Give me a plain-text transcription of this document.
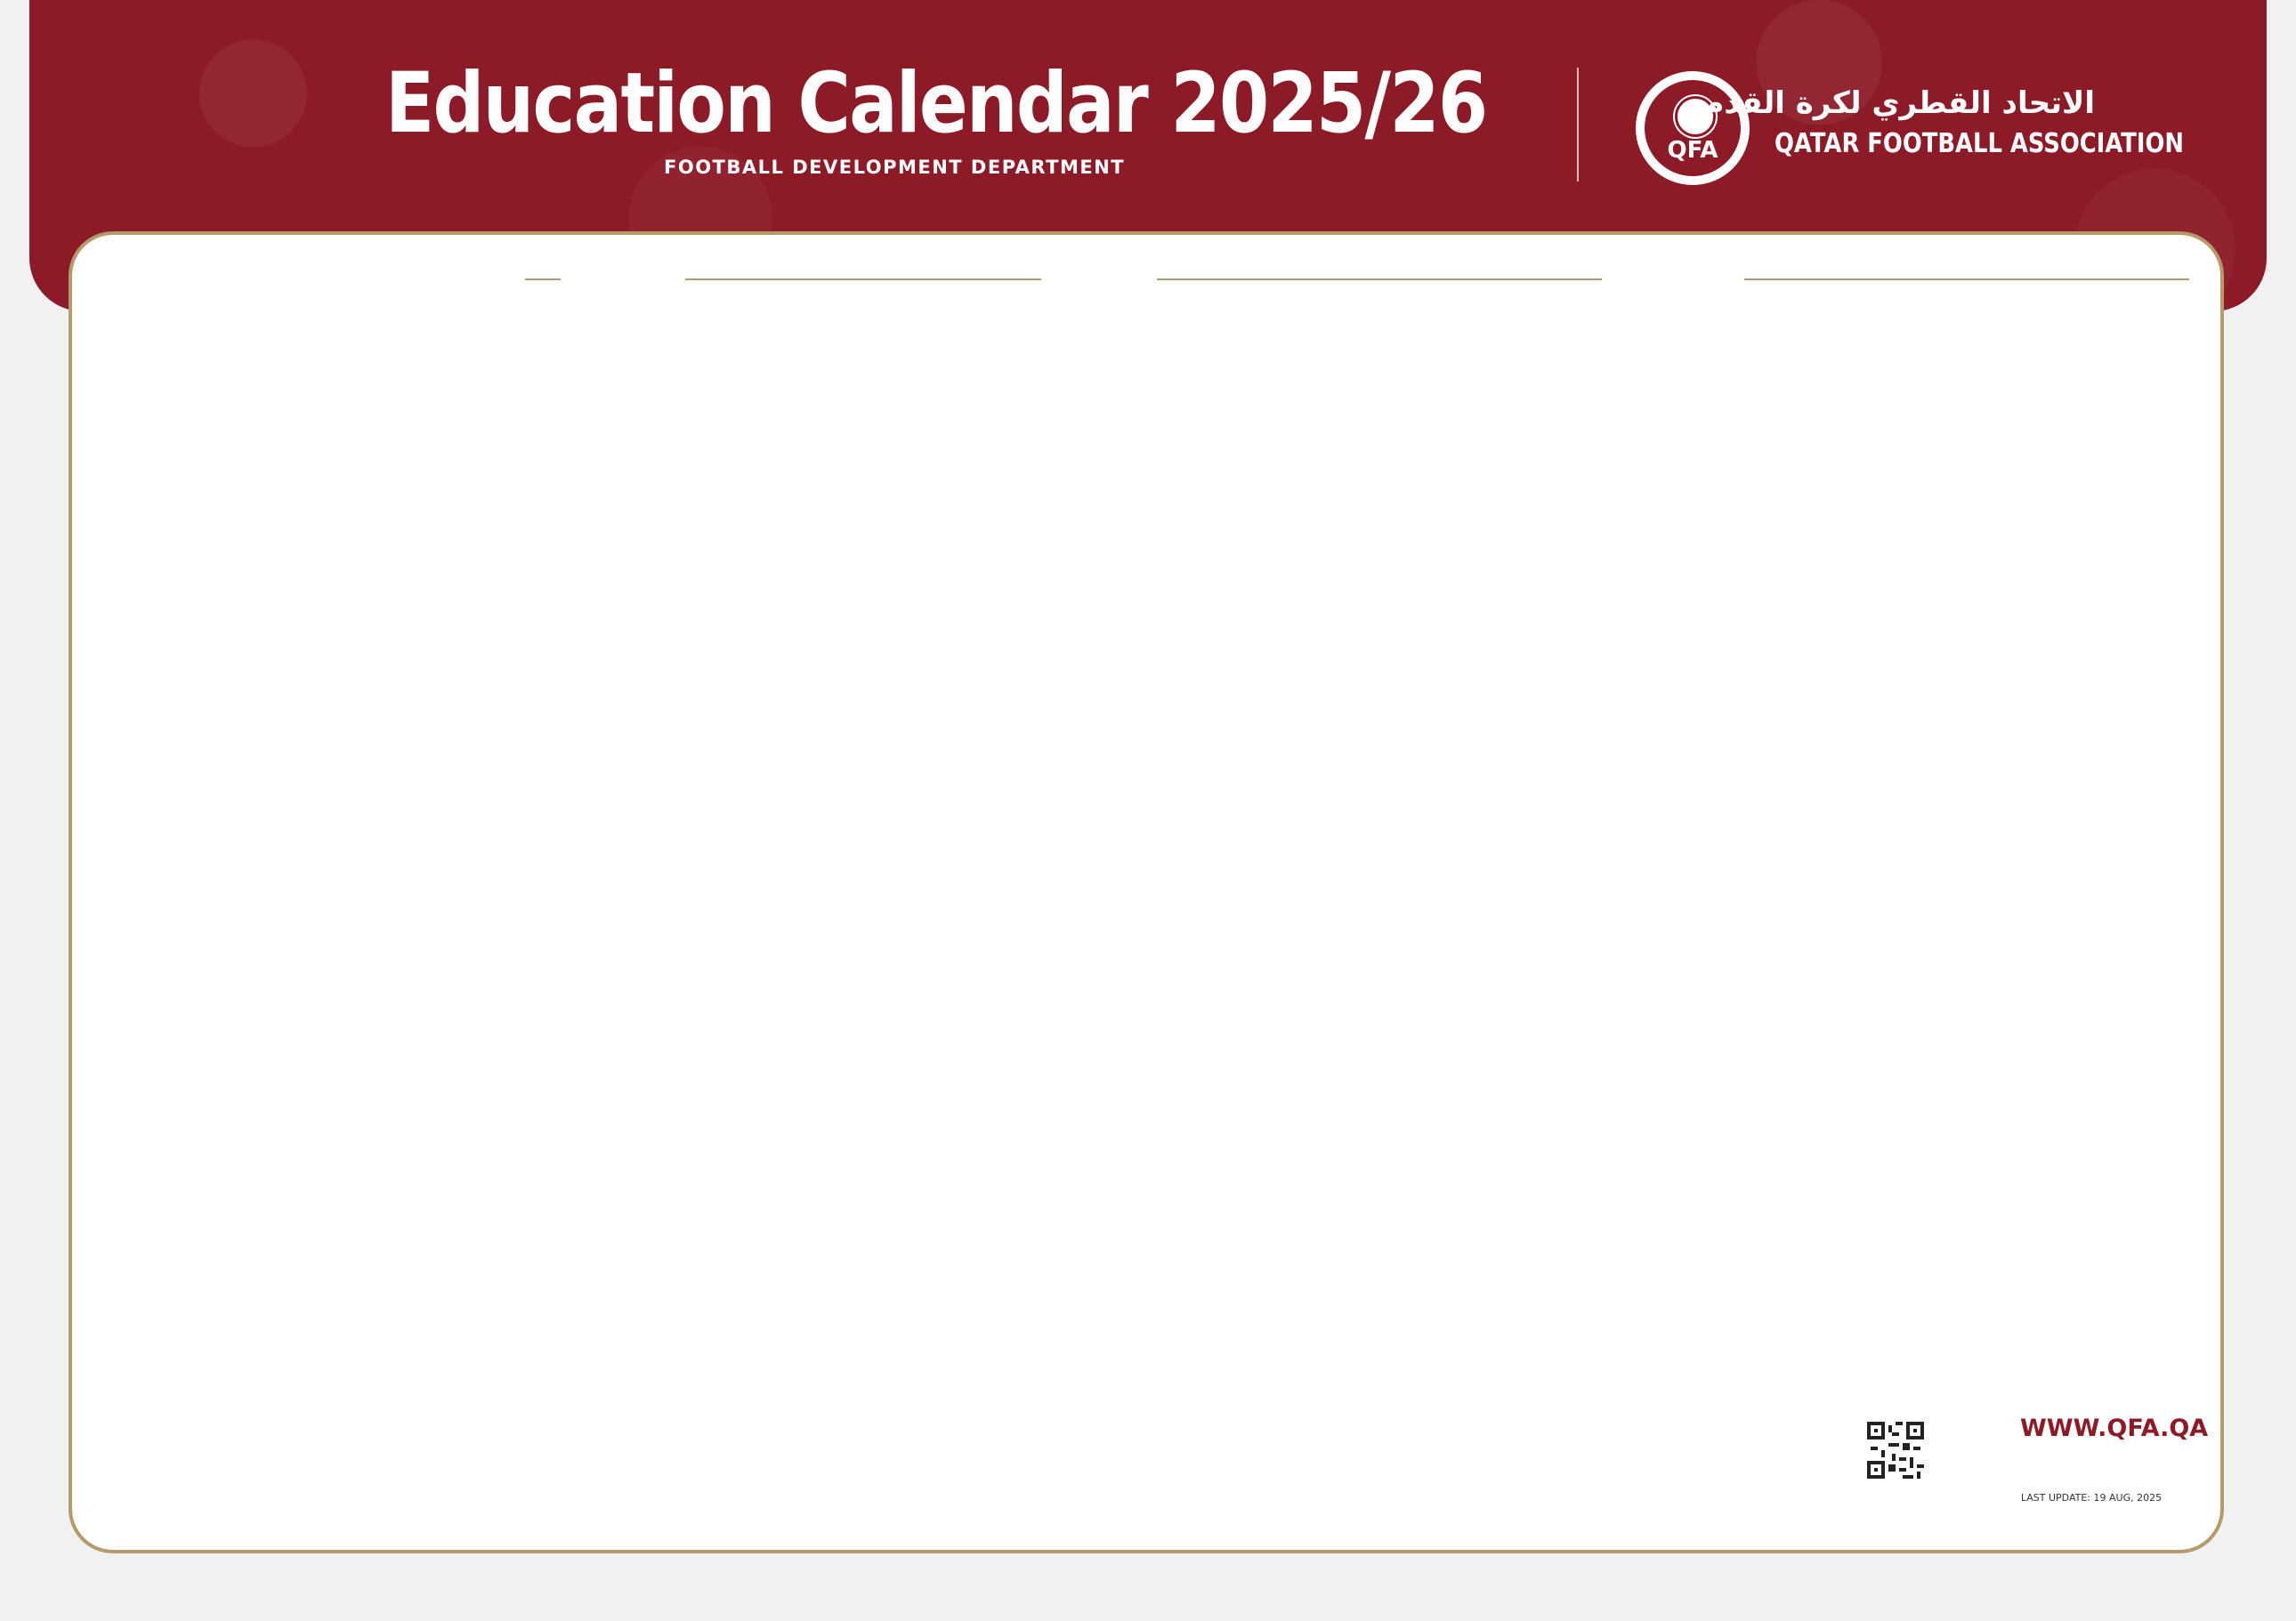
Education Calendar 2025/26
FOOTBALL DEVELOPMENT DEPARTMENT
QFA
الاتحاد القطري لكرة القدم
QATAR FOOTBALL ASSOCIATION
WWW.QFA.QA
LAST UPDATE: 19 AUG, 2025
